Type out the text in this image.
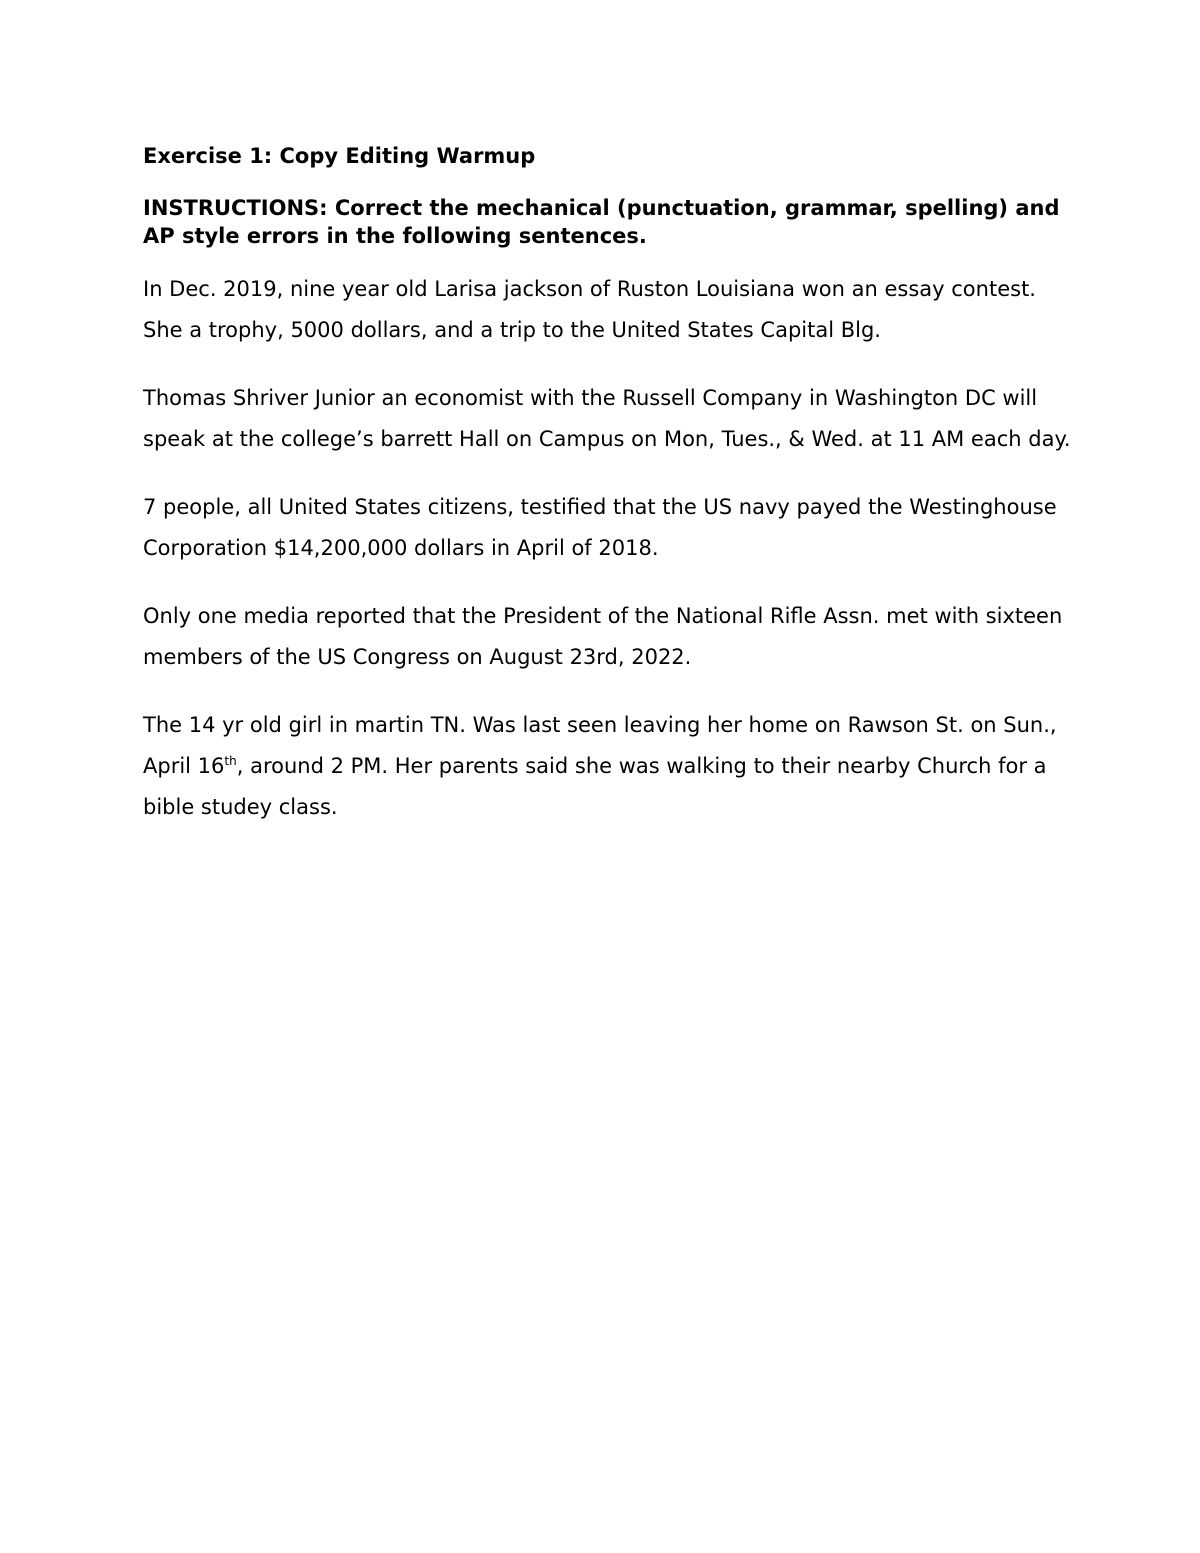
Exercise 1: Copy Editing Warmup
INSTRUCTIONS: Correct the mechanical (punctuation, grammar, spelling) and AP style errors in the following sentences.

In Dec. 2019, nine year old Larisa jackson of Ruston Louisiana won an essay contest. She a trophy, 5000 dollars, and a trip to the United States Capital Blg.

Thomas Shriver Junior an economist with the Russell Company in Washington DC will speak at the college’s barrett Hall on Campus on Mon, Tues., & Wed. at 11 AM each day.

7 people, all United States citizens, testified that the US navy payed the Westinghouse Corporation $14,200,000 dollars in April of 2018.

Only one media reported that the President of the National Rifle Assn. met with sixteen members of the US Congress on August 23rd, 2022.

The 14 yr old girl in martin TN. Was last seen leaving her home on Rawson St. on Sun., April 16th, around 2 PM. Her parents said she was walking to their nearby Church for a bible studey class.
